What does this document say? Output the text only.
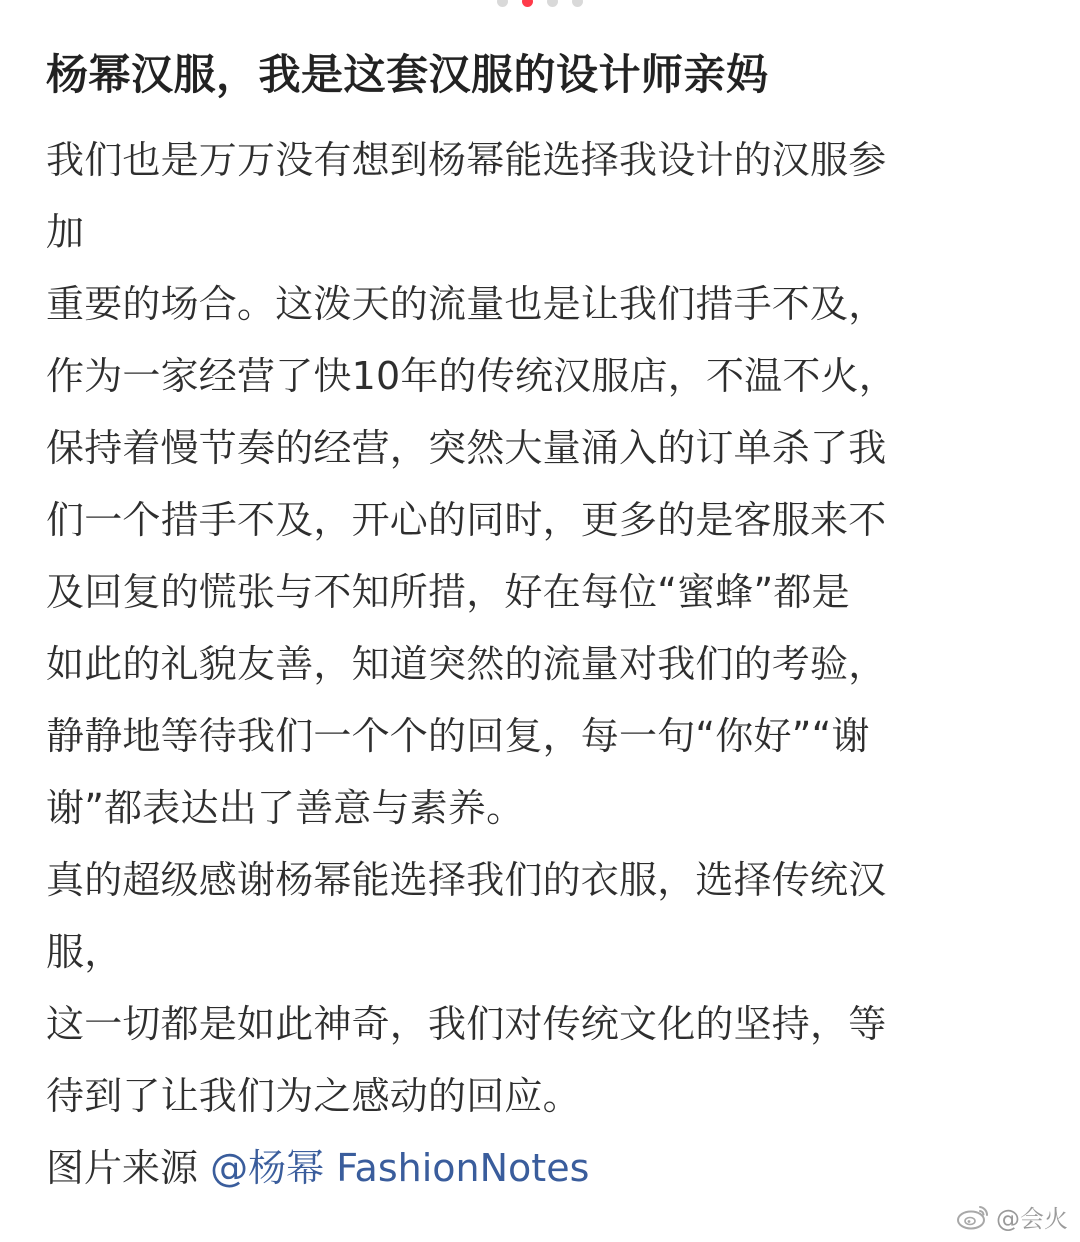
杨幂汉服，我是这套汉服的设计师亲妈
我们也是万万没有想到杨幂能选择我设计的汉服参
加
重要的场合。这泼天的流量也是让我们措手不及，
作为一家经营了快10年的传统汉服店，不温不火，
保持着慢节奏的经营，突然大量涌入的订单杀了我
们一个措手不及，开心的同时，更多的是客服来不
及回复的慌张与不知所措，好在每位“蜜蜂”都是
如此的礼貌友善，知道突然的流量对我们的考验，
静静地等待我们一个个的回复，每一句“你好”“谢
谢”都表达出了善意与素养。
真的超级感谢杨幂能选择我们的衣服，选择传统汉
服，
这一切都是如此神奇，我们对传统文化的坚持，等
待到了让我们为之感动的回应。
图片来源 @杨幂 FashionNotes
@会火
